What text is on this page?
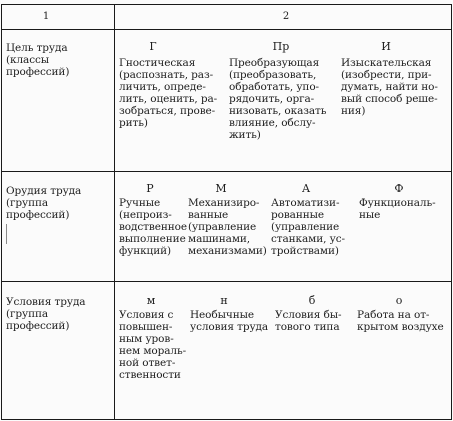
1	2
Цель труда
(классы профессий)
Г
Гностическая
(распознать, раз-
личить, опреде-
лить, оценить, ра-
зобраться, прове-
рить)
Пр
Преобразующая
(преобразовать,
обработать, упо-
рядочить, орга-
низовать, оказать
влияние, обслу-
жить)
И
Изыскательская
(изобрести, при-
думать, найти но-
вый способ реше-
ния)
Орудия труда
(группа профессий)
Р
Ручные
(непроиз-
водственное
выполнение
функций)
М
Механизиро-
ванные
(управление
машинами,
механизмами)
А
Автоматизи-
рованные
(управление
станками, ус-
тройствами)
Ф
Функциональ-
ные
Условия труда
(группа профессий)
м
Условия с
повышен-
ным уров-
нем мораль-
ной ответ-
ственности
н
Необычные
условия труда
б
Условия бы-
тового типа
о
Работа на от-
крытом воздухе
